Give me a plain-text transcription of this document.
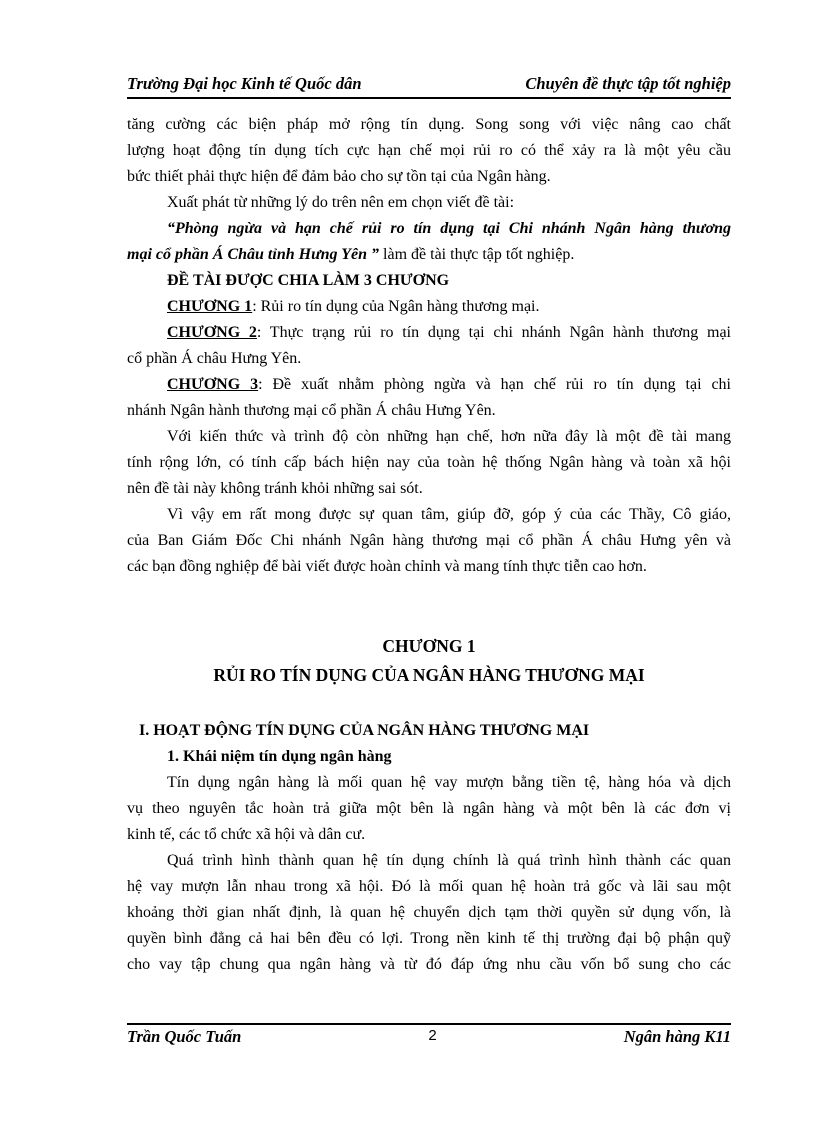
Trường Đại học Kinh tế Quốc dân	Chuyên đề thực tập tốt nghiệp
tăng cường các biện pháp mở rộng tín dụng. Song song với việc nâng cao chất
lượng hoạt động tín dụng tích cực hạn chế mọi rủi ro có thể xảy ra là một yêu cầu
bức thiết phải thực hiện để đảm bảo cho sự tồn tại của Ngân hàng.
Xuất phát từ những lý do trên nên em chọn viết đề tài:
“Phòng ngừa và hạn chế rủi ro tín dụng tại Chi nhánh Ngân hàng thương
mại cổ phần Á Châu tỉnh Hưng Yên ” làm đề tài thực tập tốt nghiệp.
ĐỀ TÀI ĐƯỢC CHIA LÀM 3 CHƯƠNG
CHƯƠNG 1: Rủi ro tín dụng của Ngân hàng thương mại.
CHƯƠNG 2: Thực trạng rủi ro tín dụng tại chi nhánh Ngân hành thương mại
cổ phần Á châu Hưng Yên.
CHƯƠNG 3: Đề xuất nhằm phòng ngừa và hạn chế rủi ro tín dụng tại chi
nhánh Ngân hành thương mại cổ phần Á châu Hưng Yên.
Với kiến thức và trình độ còn những hạn chế, hơn nữa đây là một đề tài mang
tính rộng lớn, có tính cấp bách hiện nay của toàn hệ thống Ngân hàng và toàn xã hội
nên đề tài này không tránh khỏi những sai sót.
Vì vậy em rất mong được sự quan tâm, giúp đỡ, góp ý của các Thầy, Cô giáo,
của Ban Giám Đốc Chi nhánh Ngân hàng thương mại cổ phần Á châu Hưng yên và
các bạn đồng nghiệp để bài viết được hoàn chỉnh và mang tính thực tiễn cao hơn.
CHƯƠNG 1
RỦI RO TÍN DỤNG CỦA NGÂN HÀNG THƯƠNG MẠI
I. HOẠT ĐỘNG TÍN DỤNG CỦA NGÂN HÀNG THƯƠNG MẠI
1. Khái niệm tín dụng ngân hàng
Tín dụng ngân hàng là mối quan hệ vay mượn bằng tiền tệ, hàng hóa và dịch
vụ theo nguyên tắc hoàn trả giữa một bên là ngân hàng và một bên là các đơn vị
kinh tế, các tổ chức xã hội và dân cư.
Quá trình hình thành quan hệ tín dụng chính là quá trình hình thành các quan
hệ vay mượn lẫn nhau trong xã hội. Đó là mối quan hệ hoàn trả gốc và lãi sau một
khoảng thời gian nhất định, là quan hệ chuyển dịch tạm thời quyền sử dụng vốn, là
quyền bình đẳng cả hai bên đều có lợi. Trong nền kinh tế thị trường đại bộ phận quỹ
cho vay tập chung qua ngân hàng và từ đó đáp ứng nhu cầu vốn bổ sung cho các
Trần Quốc Tuấn	2	Ngân hàng K11
